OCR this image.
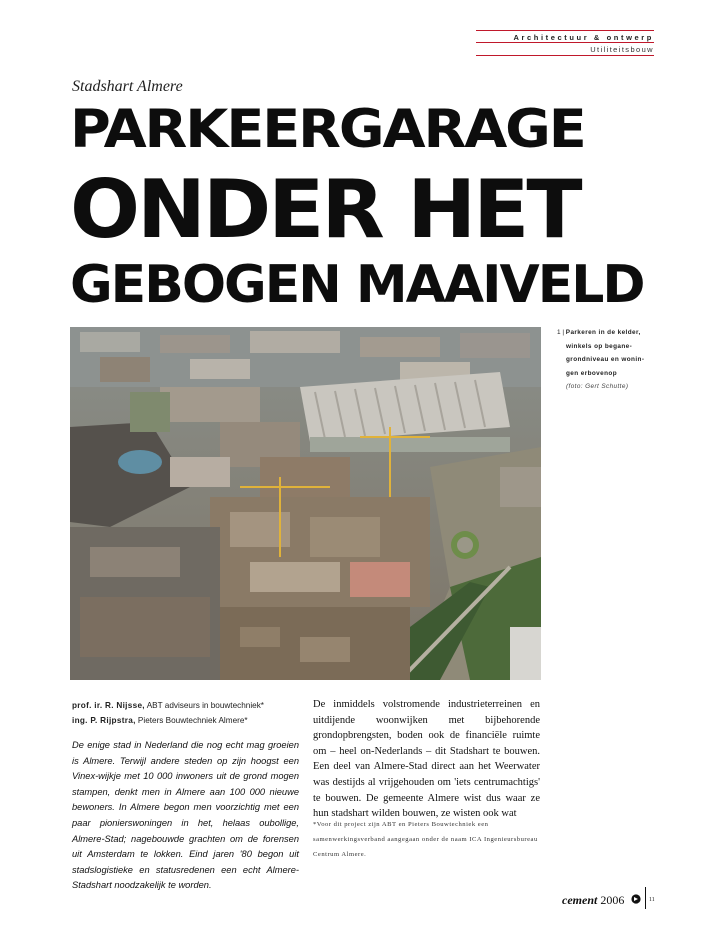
Architectuur & ontwerp
Utiliteitsbouw
Stadshart Almere
PARKEERGARAGE
ONDER HET
GEBOGEN MAAIVELD
1 | Parkeren in de kelder,
winkels op begane-
grondniveau en wonin-
gen erbovenop
(foto: Gert Schutte)
prof. ir. R. Nijsse, ABT adviseurs in bouwtechniek*
ing. P. Rijpstra, Pieters Bouwtechniek Almere*
De enige stad in Nederland die nog echt mag groeien is Almere. Terwijl andere steden op zijn hoogst een Vinex-wijkje met 10 000 inwoners uit de grond mogen stampen, denkt men in Almere aan 100 000 nieuwe bewoners. In Almere begon men voorzichtig met een paar pionierswoningen in het, helaas oubollige, Almere-Stad; nagebouwde grachten om de forensen uit Amsterdam te lokken. Eind jaren '80 begon uit stadslogistieke en statusredenen een echt Almere-Stadshart noodzakelijk te worden.
De inmiddels volstromende industrieterreinen en uitdijende woonwijken met bijbehorende grondopbrengsten, boden ook de financiële ruimte om – heel on-Nederlands – dit Stadshart te bouwen. Een deel van Almere-Stad direct aan het Weerwater was destijds al vrijgehouden om 'iets centrumachtigs' te bouwen. De gemeente Almere wist dus waar ze hun stadshart wilden bouwen, ze wisten ook wat
*Voor dit project zijn ABT en Pieters Bouwtechniek een samenwerkingsverband aangegaan onder de naam ICA Ingenieursbureau Centrum Almere.
cement 2006	11
